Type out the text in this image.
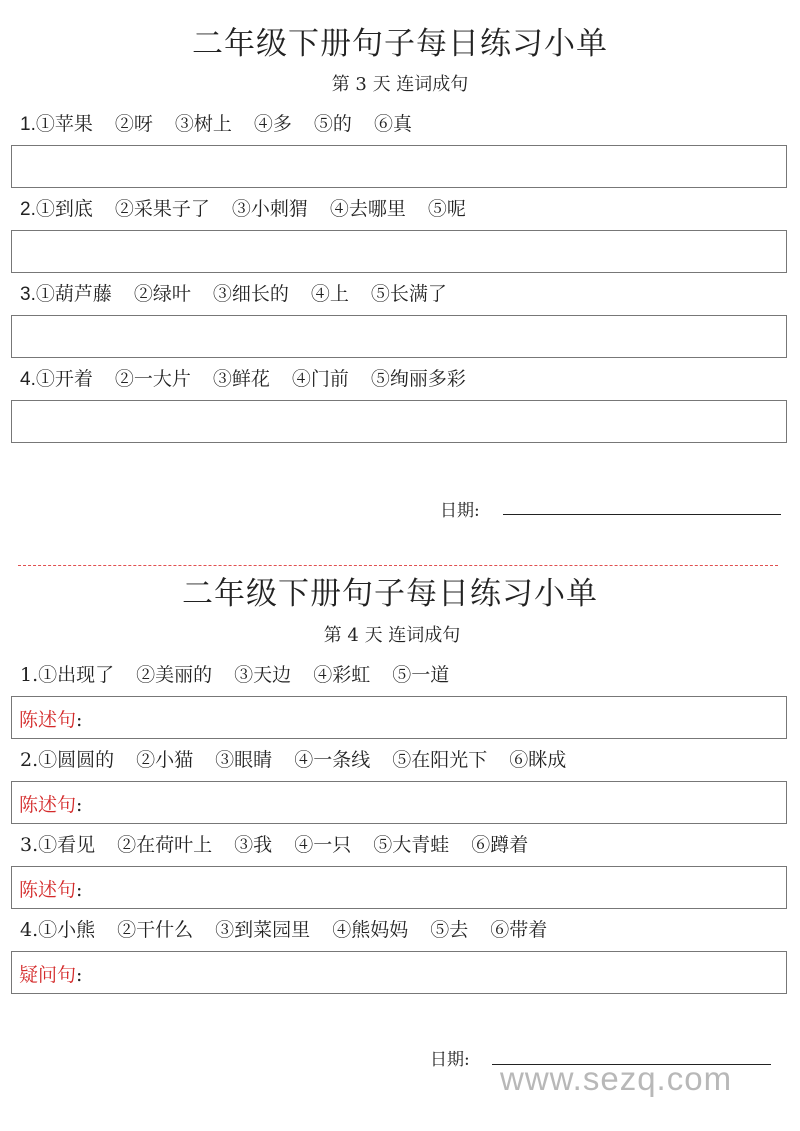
二年级下册句子每日练习小单
第 3 天 连词成句
1.①苹果 ②呀 ③树上 ④多 ⑤的 ⑥真
2.①到底 ②采果子了 ③小刺猬 ④去哪里 ⑤呢
3.①葫芦藤 ②绿叶 ③细长的 ④上 ⑤长满了
4.①开着 ②一大片 ③鲜花 ④门前 ⑤绚丽多彩
日期:
二年级下册句子每日练习小单
第 4 天 连词成句
1.①出现了 ②美丽的 ③天边 ④彩虹 ⑤一道
陈述句:
2.①圆圆的 ②小猫 ③眼睛 ④一条线 ⑤在阳光下 ⑥眯成
陈述句:
3.①看见 ②在荷叶上 ③我 ④一只 ⑤大青蛙 ⑥蹲着
陈述句:
4.①小熊 ②干什么 ③到菜园里 ④熊妈妈 ⑤去 ⑥带着
疑问句:
日期: www.sezq.com
